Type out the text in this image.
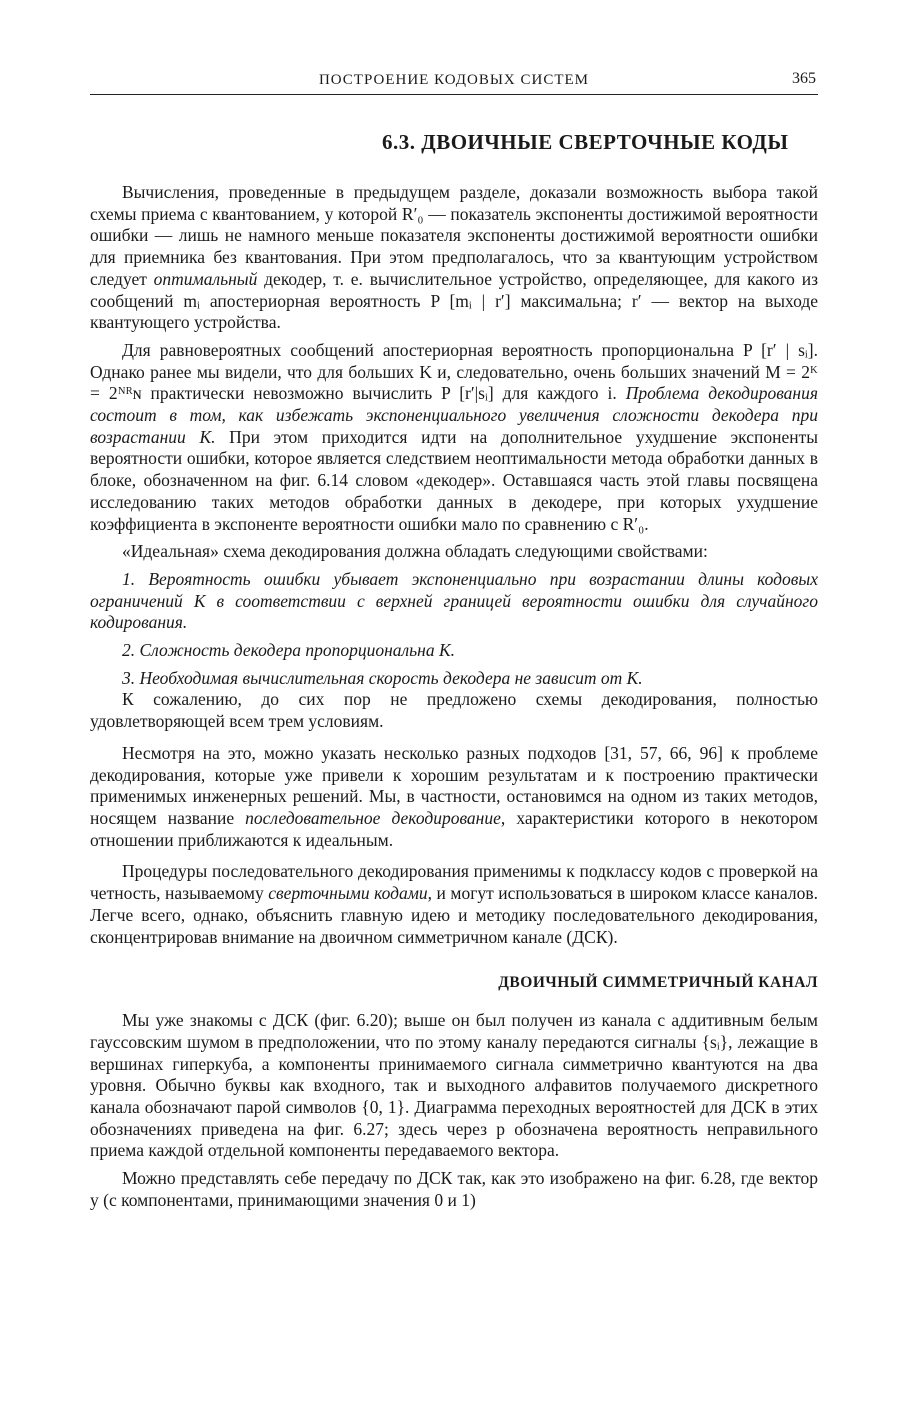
ПОСТРОЕНИЕ КОДОВЫХ СИСТЕМ	365
6.3. ДВОИЧНЫЕ СВЕРТОЧНЫЕ КОДЫ

Вычисления, проведенные в предыдущем разделе, доказали возможность выбора такой схемы приема с квантованием, у которой R′₀ — показатель экспоненты достижимой вероятности ошибки — лишь не намного меньше показателя экспоненты достижимой вероятности ошибки для приемника без квантования. При этом предполагалось, что за квантующим устройством следует оптимальный декодер, т. е. вычислительное устройство, определяющее, для какого из сообщений mᵢ апостериорная вероятность P [mᵢ | r′] максимальна; r′ — вектор на выходе квантующего устройства.

Для равновероятных сообщений апостериорная вероятность пропорциональна P [r′ | sᵢ]. Однако ранее мы видели, что для больших K и, следовательно, очень больших значений M = 2ᴷ = 2ᴺᴿɴ практически невозможно вычислить P [r′|sᵢ] для каждого i. Проблема декодирования состоит в том, как избежать экспоненциального увеличения сложности декодера при возрастании K. При этом приходится идти на дополнительное ухудшение экспоненты вероятности ошибки, которое является следствием неоптимальности метода обработки данных в блоке, обозначенном на фиг. 6.14 словом «декодер». Оставшаяся часть этой главы посвящена исследованию таких методов обработки данных в декодере, при которых ухудшение коэффициента в экспоненте вероятности ошибки мало по сравнению с R′₀.

«Идеальная» схема декодирования должна обладать следующими свойствами:

1. Вероятность ошибки убывает экспоненциально при возрастании длины кодовых ограничений K в соответствии с верхней границей вероятности ошибки для случайного кодирования.

2. Сложность декодера пропорциональна K.

3. Необходимая вычислительная скорость декодера не зависит от K.

К сожалению, до сих пор не предложено схемы декодирования, полностью удовлетворяющей всем трем условиям.

Несмотря на это, можно указать несколько разных подходов [31, 57, 66, 96] к проблеме декодирования, которые уже привели к хорошим результатам и к построению практически применимых инженерных решений. Мы, в частности, остановимся на одном из таких методов, носящем название последовательное декодирование, характеристики которого в некотором отношении приближаются к идеальным.

Процедуры последовательного декодирования применимы к подклассу кодов с проверкой на четность, называемому сверточными кодами, и могут использоваться в широком классе каналов. Легче всего, однако, объяснить главную идею и методику последовательного декодирования, сконцентрировав внимание на двоичном симметричном канале (ДСК).

ДВОИЧНЫЙ СИММЕТРИЧНЫЙ КАНАЛ

Мы уже знакомы с ДСК (фиг. 6.20); выше он был получен из канала с аддитивным белым гауссовским шумом в предположении, что по этому каналу передаются сигналы {sᵢ}, лежащие в вершинах гиперкуба, а компоненты принимаемого сигнала симметрично квантуются на два уровня. Обычно буквы как входного, так и выходного алфавитов получаемого дискретного канала обозначают парой символов {0, 1}. Диаграмма переходных вероятностей для ДСК в этих обозначениях приведена на фиг. 6.27; здесь через p обозначена вероятность неправильного приема каждой отдельной компоненты передаваемого вектора.

Можно представлять себе передачу по ДСК так, как это изображено на фиг. 6.28, где вектор y (с компонентами, принимающими значения 0 и 1)
